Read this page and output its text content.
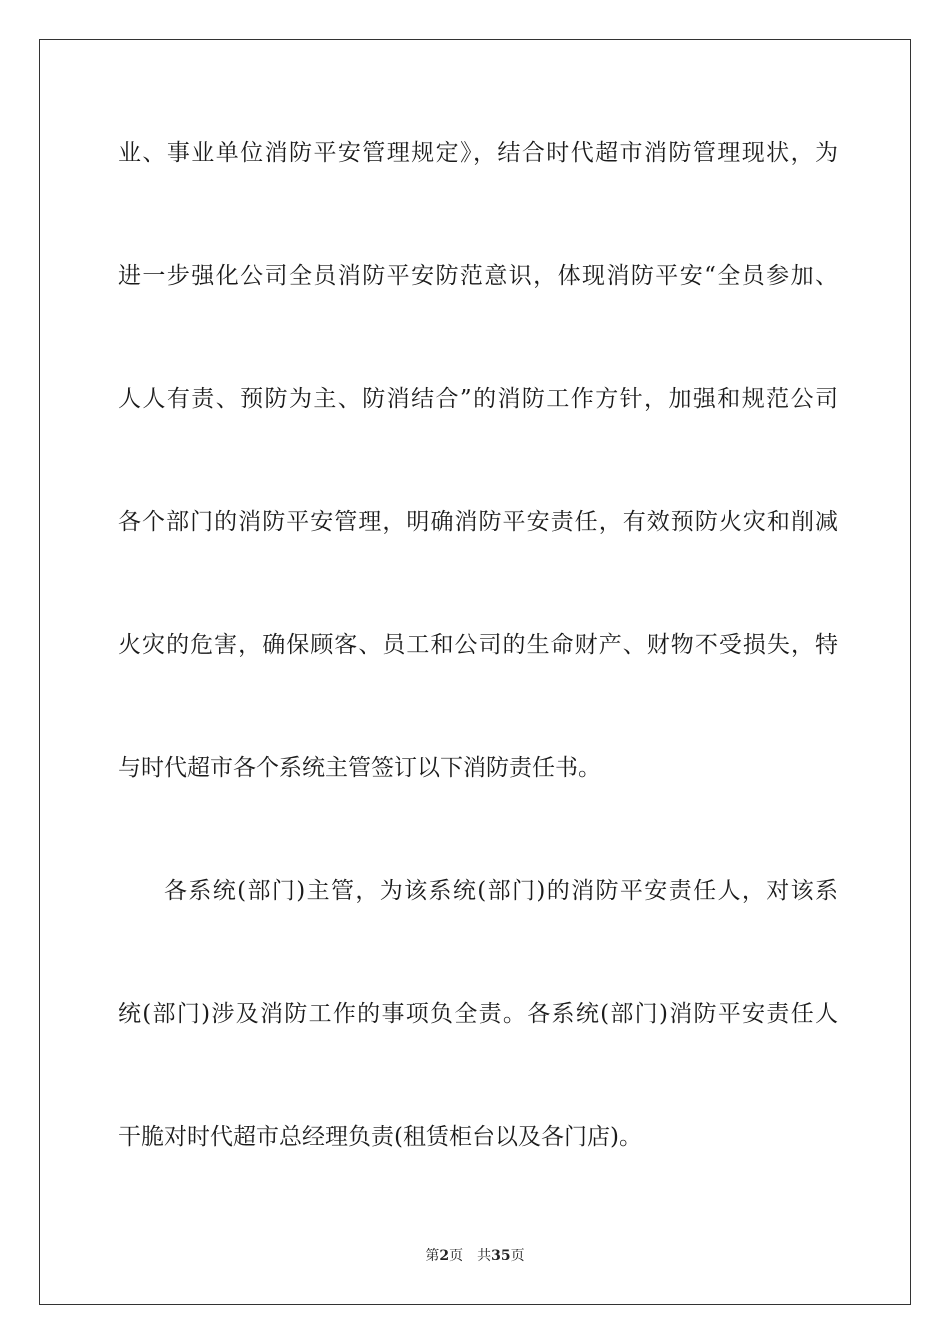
业、事业单位消防平安管理规定》，结合时代超市消防管理现状，为
进一步强化公司全员消防平安防范意识，体现消防平安“全员参加、
人人有责、预防为主、防消结合”的消防工作方针，加强和规范公司
各个部门的消防平安管理，明确消防平安责任，有效预防火灾和削减
火灾的危害，确保顾客、员工和公司的生命财产、财物不受损失，特
与时代超市各个系统主管签订以下消防责任书。
各系统(部门)主管，为该系统(部门)的消防平安责任人，对该系
统(部门)涉及消防工作的事项负全责。各系统(部门)消防平安责任人
干脆对时代超市总经理负责(租赁柜台以及各门店)。
第2页 共35页
